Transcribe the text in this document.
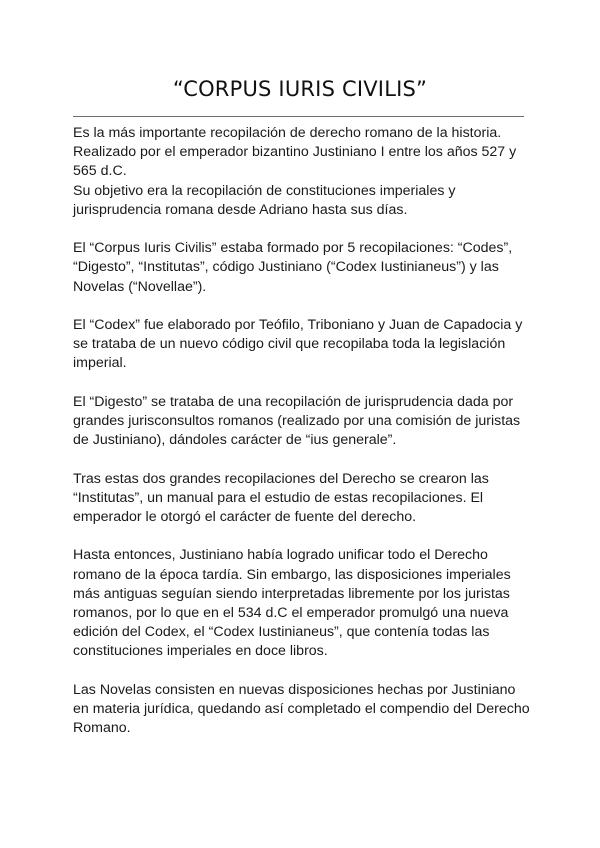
“CORPUS IURIS CIVILIS”

Es la más importante recopilación de derecho romano de la historia.
Realizado por el emperador bizantino Justiniano I entre los años 527 y
565 d.C.
Su objetivo era la recopilación de constituciones imperiales y
jurisprudencia romana desde Adriano hasta sus días.

El “Corpus Iuris Civilis” estaba formado por 5 recopilaciones: “Codes”,
“Digesto”, “Institutas”, código Justiniano (“Codex Iustinianeus”) y las
Novelas (“Novellae”).

El “Codex” fue elaborado por Teófilo, Triboniano y Juan de Capadocia y
se trataba de un nuevo código civil que recopilaba toda la legislación
imperial.

El “Digesto” se trataba de una recopilación de jurisprudencia dada por
grandes jurisconsultos romanos (realizado por una comisión de juristas
de Justiniano), dándoles carácter de “ius generale”.

Tras estas dos grandes recopilaciones del Derecho se crearon las
“Institutas”, un manual para el estudio de estas recopilaciones. El
emperador le otorgó el carácter de fuente del derecho.

Hasta entonces, Justiniano había logrado unificar todo el Derecho
romano de la época tardía. Sin embargo, las disposiciones imperiales
más antiguas seguían siendo interpretadas libremente por los juristas
romanos, por lo que en el 534 d.C el emperador promulgó una nueva
edición del Codex, el “Codex Iustinianeus”, que contenía todas las
constituciones imperiales en doce libros.

Las Novelas consisten en nuevas disposiciones hechas por Justiniano
en materia jurídica, quedando así completado el compendio del Derecho
Romano.
